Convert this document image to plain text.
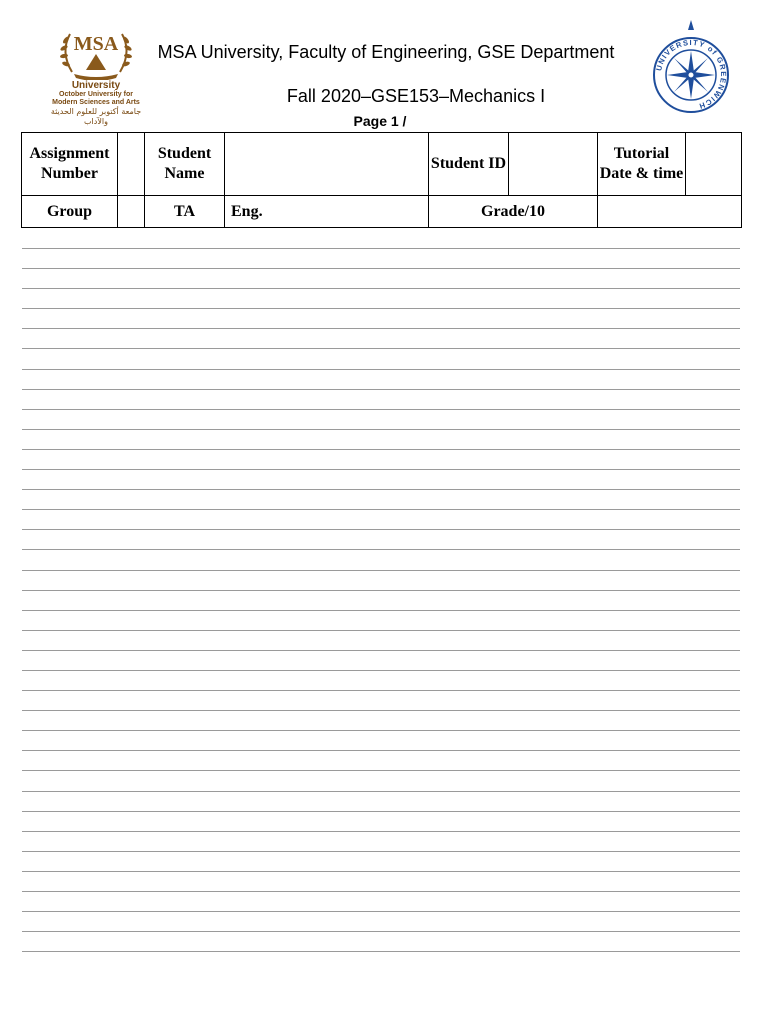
MSA
University
October University for
Modern Sciences and Arts
جامعة أكتوبر للعلوم الحديثة والآداب
MSA University, Faculty of Engineering, GSE Department
Fall 2020–GSE153–Mechanics I
Page 1 /
UNIVERSITY of GREENWICH
Assignment Number		Student Name		Student ID		Tutorial Date & time	
Group		TA	Eng.	Grade/10			
